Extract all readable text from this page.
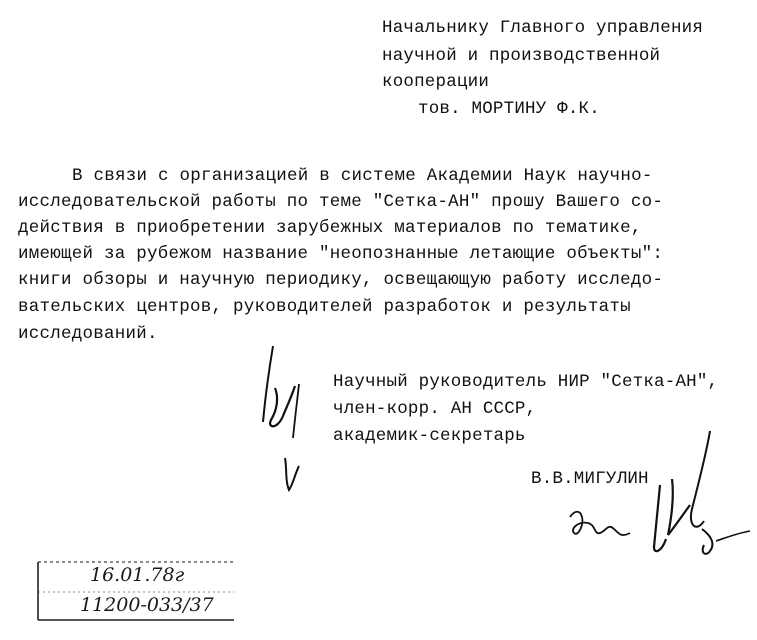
Начальнику Главного управления
научной и производственной
кооперации
тов. МОРТИНУ Ф.К.
В связи с организацией в системе Академии Наук научно-
исследовательской работы по теме "Сетка-АН" прошу Вашего со-
действия в приобретении зарубежных материалов по тематике,
имеющей за рубежом название "неопознанные летающие объекты":
книги обзоры и научную периодику, освещающую работу исследо-
вательских центров, руководителей разработок и результаты
исследований.
Научный руководитель НИР "Сетка-АН",
член-корр. АН СССР,
академик-секретарь
В.В.МИГУЛИН
16.01.78г
11200-033/37
